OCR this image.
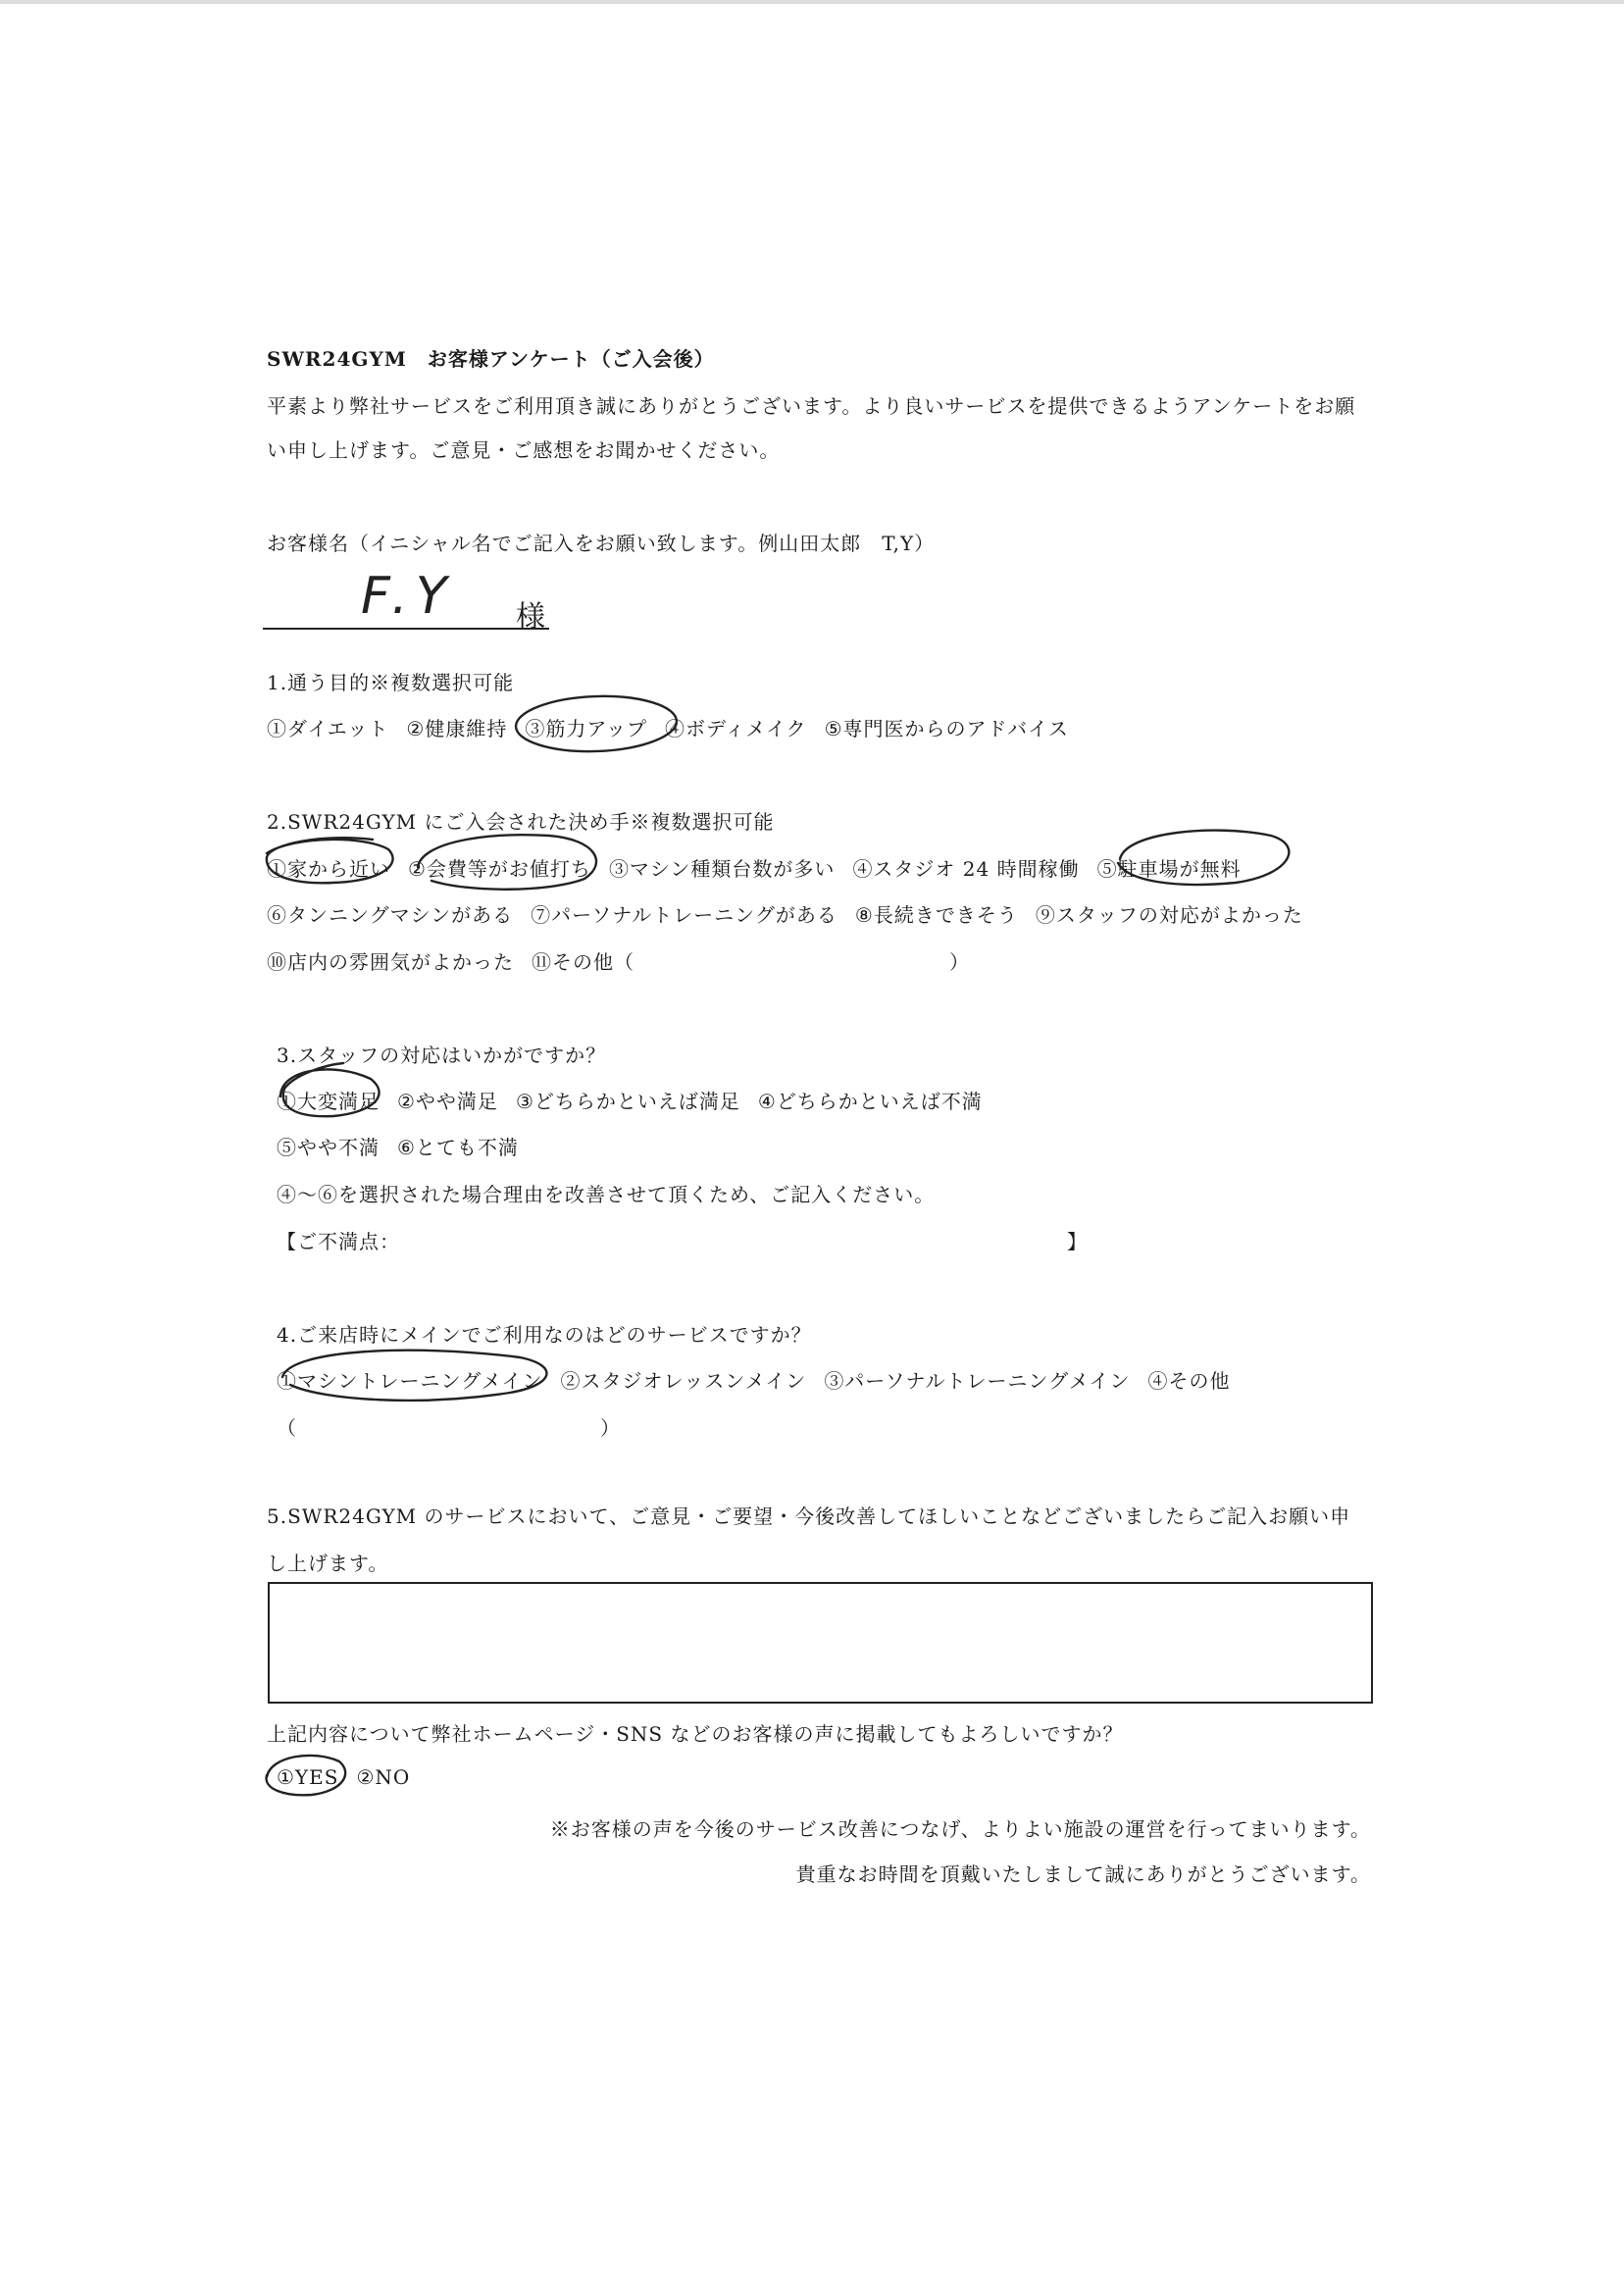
SWR24GYM　お客様アンケート（ご入会後）
平素より弊社サービスをご利用頂き誠にありがとうございます。より良いサービスを提供できるようアンケートをお願
い申し上げます。ご意見・ご感想をお聞かせください。
お客様名（イニシャル名でご記入をお願い致します。例山田太郎　T,Y）
F.Y 様
1.通う目的※複数選択可能
①ダイエット ②健康維持 ③筋力アップ ④ボディメイク ⑤専門医からのアドバイス
2.SWR24GYM にご入会された決め手※複数選択可能
①家から近い ②会費等がお値打ち ③マシン種類台数が多い ④スタジオ 24 時間稼働 ⑤駐車場が無料
⑥タンニングマシンがある ⑦パーソナルトレーニングがある ⑧長続きできそう ⑨スタッフの対応がよかった
⑩店内の雰囲気がよかった ⑪その他（	）
3.スタッフの対応はいかがですか？
①大変満足 ②やや満足 ③どちらかといえば満足 ④どちらかといえば不満
⑤やや不満 ⑥とても不満
④～⑥を選択された場合理由を改善させて頂くため、ご記入ください。
【ご不満点：	】
4.ご来店時にメインでご利用なのはどのサービスですか？
①マシントレーニングメイン ②スタジオレッスンメイン ③パーソナルトレーニングメイン ④その他
（	）
5.SWR24GYM のサービスにおいて、ご意見・ご要望・今後改善してほしいことなどございましたらご記入お願い申
し上げます。
上記内容について弊社ホームページ・SNS などのお客様の声に掲載してもよろしいですか？
①YES ②NO
※お客様の声を今後のサービス改善につなげ、よりよい施設の運営を行ってまいります。
貴重なお時間を頂戴いたしまして誠にありがとうございます。
